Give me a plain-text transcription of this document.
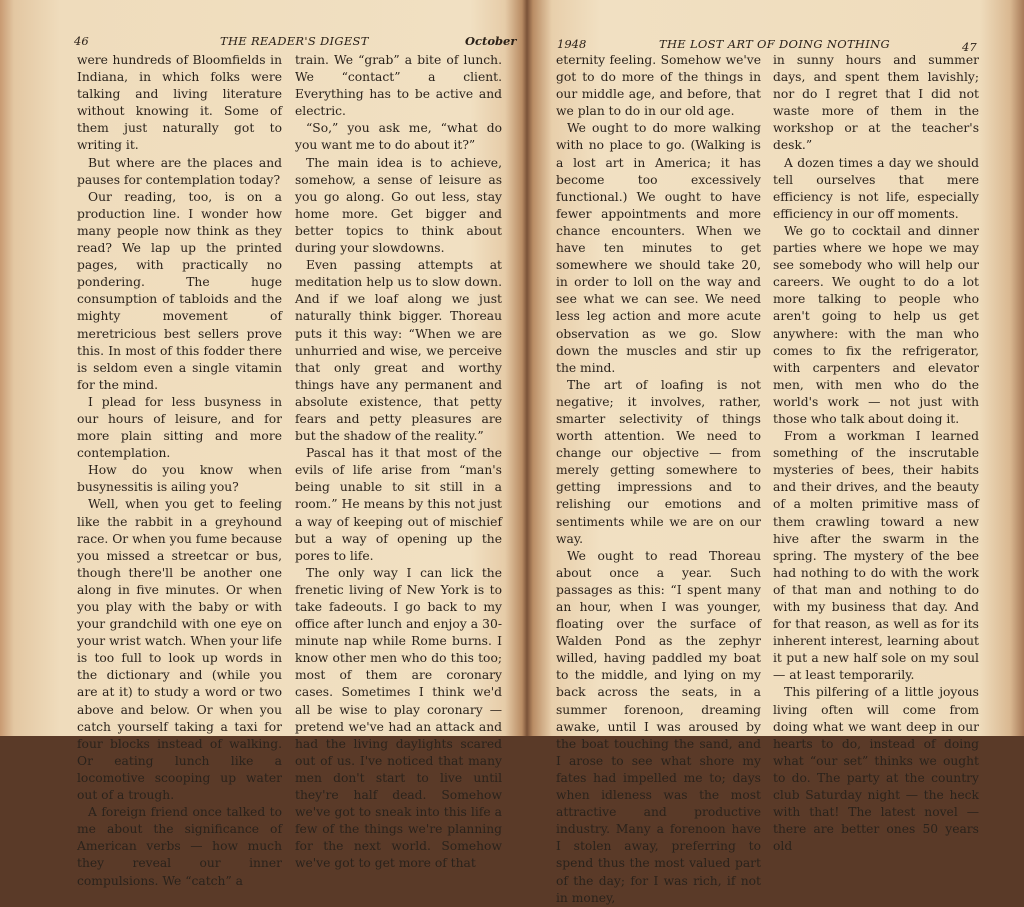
46	THE READER'S DIGEST	October

were hundreds of Bloomfields in Indiana, in which folks were talking and living literature without knowing it. Some of them just naturally got to writing it.

But where are the places and pauses for contemplation today?

Our reading, too, is on a production line. I wonder how many people now think as they read? We lap up the printed pages, with practically no pondering. The huge consumption of tabloids and the mighty movement of meretricious best sellers prove this. In most of this fodder there is seldom even a single vitamin for the mind.

I plead for less busyness in our hours of leisure, and for more plain sitting and more contemplation.

How do you know when busynessitis is ailing you?

Well, when you get to feeling like the rabbit in a greyhound race. Or when you fume because you missed a streetcar or bus, though there'll be another one along in five minutes. Or when you play with the baby or with your grandchild with one eye on your wrist watch. When your life is too full to look up words in the dictionary and (while you are at it) to study a word or two above and below. Or when you catch yourself taking a taxi for four blocks instead of walking. Or eating lunch like a locomotive scooping up water out of a trough.

A foreign friend once talked to me about the significance of American verbs — how much they reveal our inner compulsions. We “catch” a

train. We “grab” a bite of lunch. We “contact” a client. Everything has to be active and electric.

“So,” you ask me, “what do you want me to do about it?”

The main idea is to achieve, somehow, a sense of leisure as you go along. Go out less, stay home more. Get bigger and better topics to think about during your slowdowns.

Even passing attempts at meditation help us to slow down. And if we loaf along we just naturally think bigger. Thoreau puts it this way: “When we are unhurried and wise, we perceive that only great and worthy things have any permanent and absolute existence, that petty fears and petty pleasures are but the shadow of the reality.”

Pascal has it that most of the evils of life arise from “man's being unable to sit still in a room.” He means by this not just a way of keeping out of mischief but a way of opening up the pores to life.

The only way I can lick the frenetic living of New York is to take fadeouts. I go back to my office after lunch and enjoy a 30-minute nap while Rome burns. I know other men who do this too; most of them are coronary cases. Sometimes I think we'd all be wise to play coronary — pretend we've had an attack and had the living daylights scared out of us. I've noticed that many men don't start to live until they're half dead. Somehow we've got to sneak into this life a few of the things we're planning for the next world. Somehow we've got to get more of that

1948	THE LOST ART OF DOING NOTHING	47

eternity feeling. Somehow we've got to do more of the things in our middle age, and before, that we plan to do in our old age.

We ought to do more walking with no place to go. (Walking is a lost art in America; it has become too excessively functional.) We ought to have fewer appointments and more chance encounters. When we have ten minutes to get somewhere we should take 20, in order to loll on the way and see what we can see. We need less leg action and more acute observation as we go. Slow down the muscles and stir up the mind.

The art of loafing is not negative; it involves, rather, smarter selectivity of things worth attention. We need to change our objective — from merely getting somewhere to getting impressions and to relishing our emotions and sentiments while we are on our way.

We ought to read Thoreau about once a year. Such passages as this: “I spent many an hour, when I was younger, floating over the surface of Walden Pond as the zephyr willed, having paddled my boat to the middle, and lying on my back across the seats, in a summer forenoon, dreaming awake, until I was aroused by the boat touching the sand, and I arose to see what shore my fates had impelled me to; days when idleness was the most attractive and productive industry. Many a forenoon have I stolen away, preferring to spend thus the most valued part of the day; for I was rich, if not in money,

in sunny hours and summer days, and spent them lavishly; nor do I regret that I did not waste more of them in the workshop or at the teacher's desk.”

A dozen times a day we should tell ourselves that mere efficiency is not life, especially efficiency in our off moments.

We go to cocktail and dinner parties where we hope we may see somebody who will help our careers. We ought to do a lot more talking to people who aren't going to help us get anywhere: with the man who comes to fix the refrigerator, with carpenters and elevator men, with men who do the world's work — not just with those who talk about doing it.

From a workman I learned something of the inscrutable mysteries of bees, their habits and their drives, and the beauty of a molten primitive mass of them crawling toward a new hive after the swarm in the spring. The mystery of the bee had nothing to do with the work of that man and nothing to do with my business that day. And for that reason, as well as for its inherent interest, learning about it put a new half sole on my soul — at least temporarily.

This pilfering of a little joyous living often will come from doing what we want deep in our hearts to do, instead of doing what “our set” thinks we ought to do. The party at the country club Saturday night — the heck with that! The latest novel — there are better ones 50 years old
